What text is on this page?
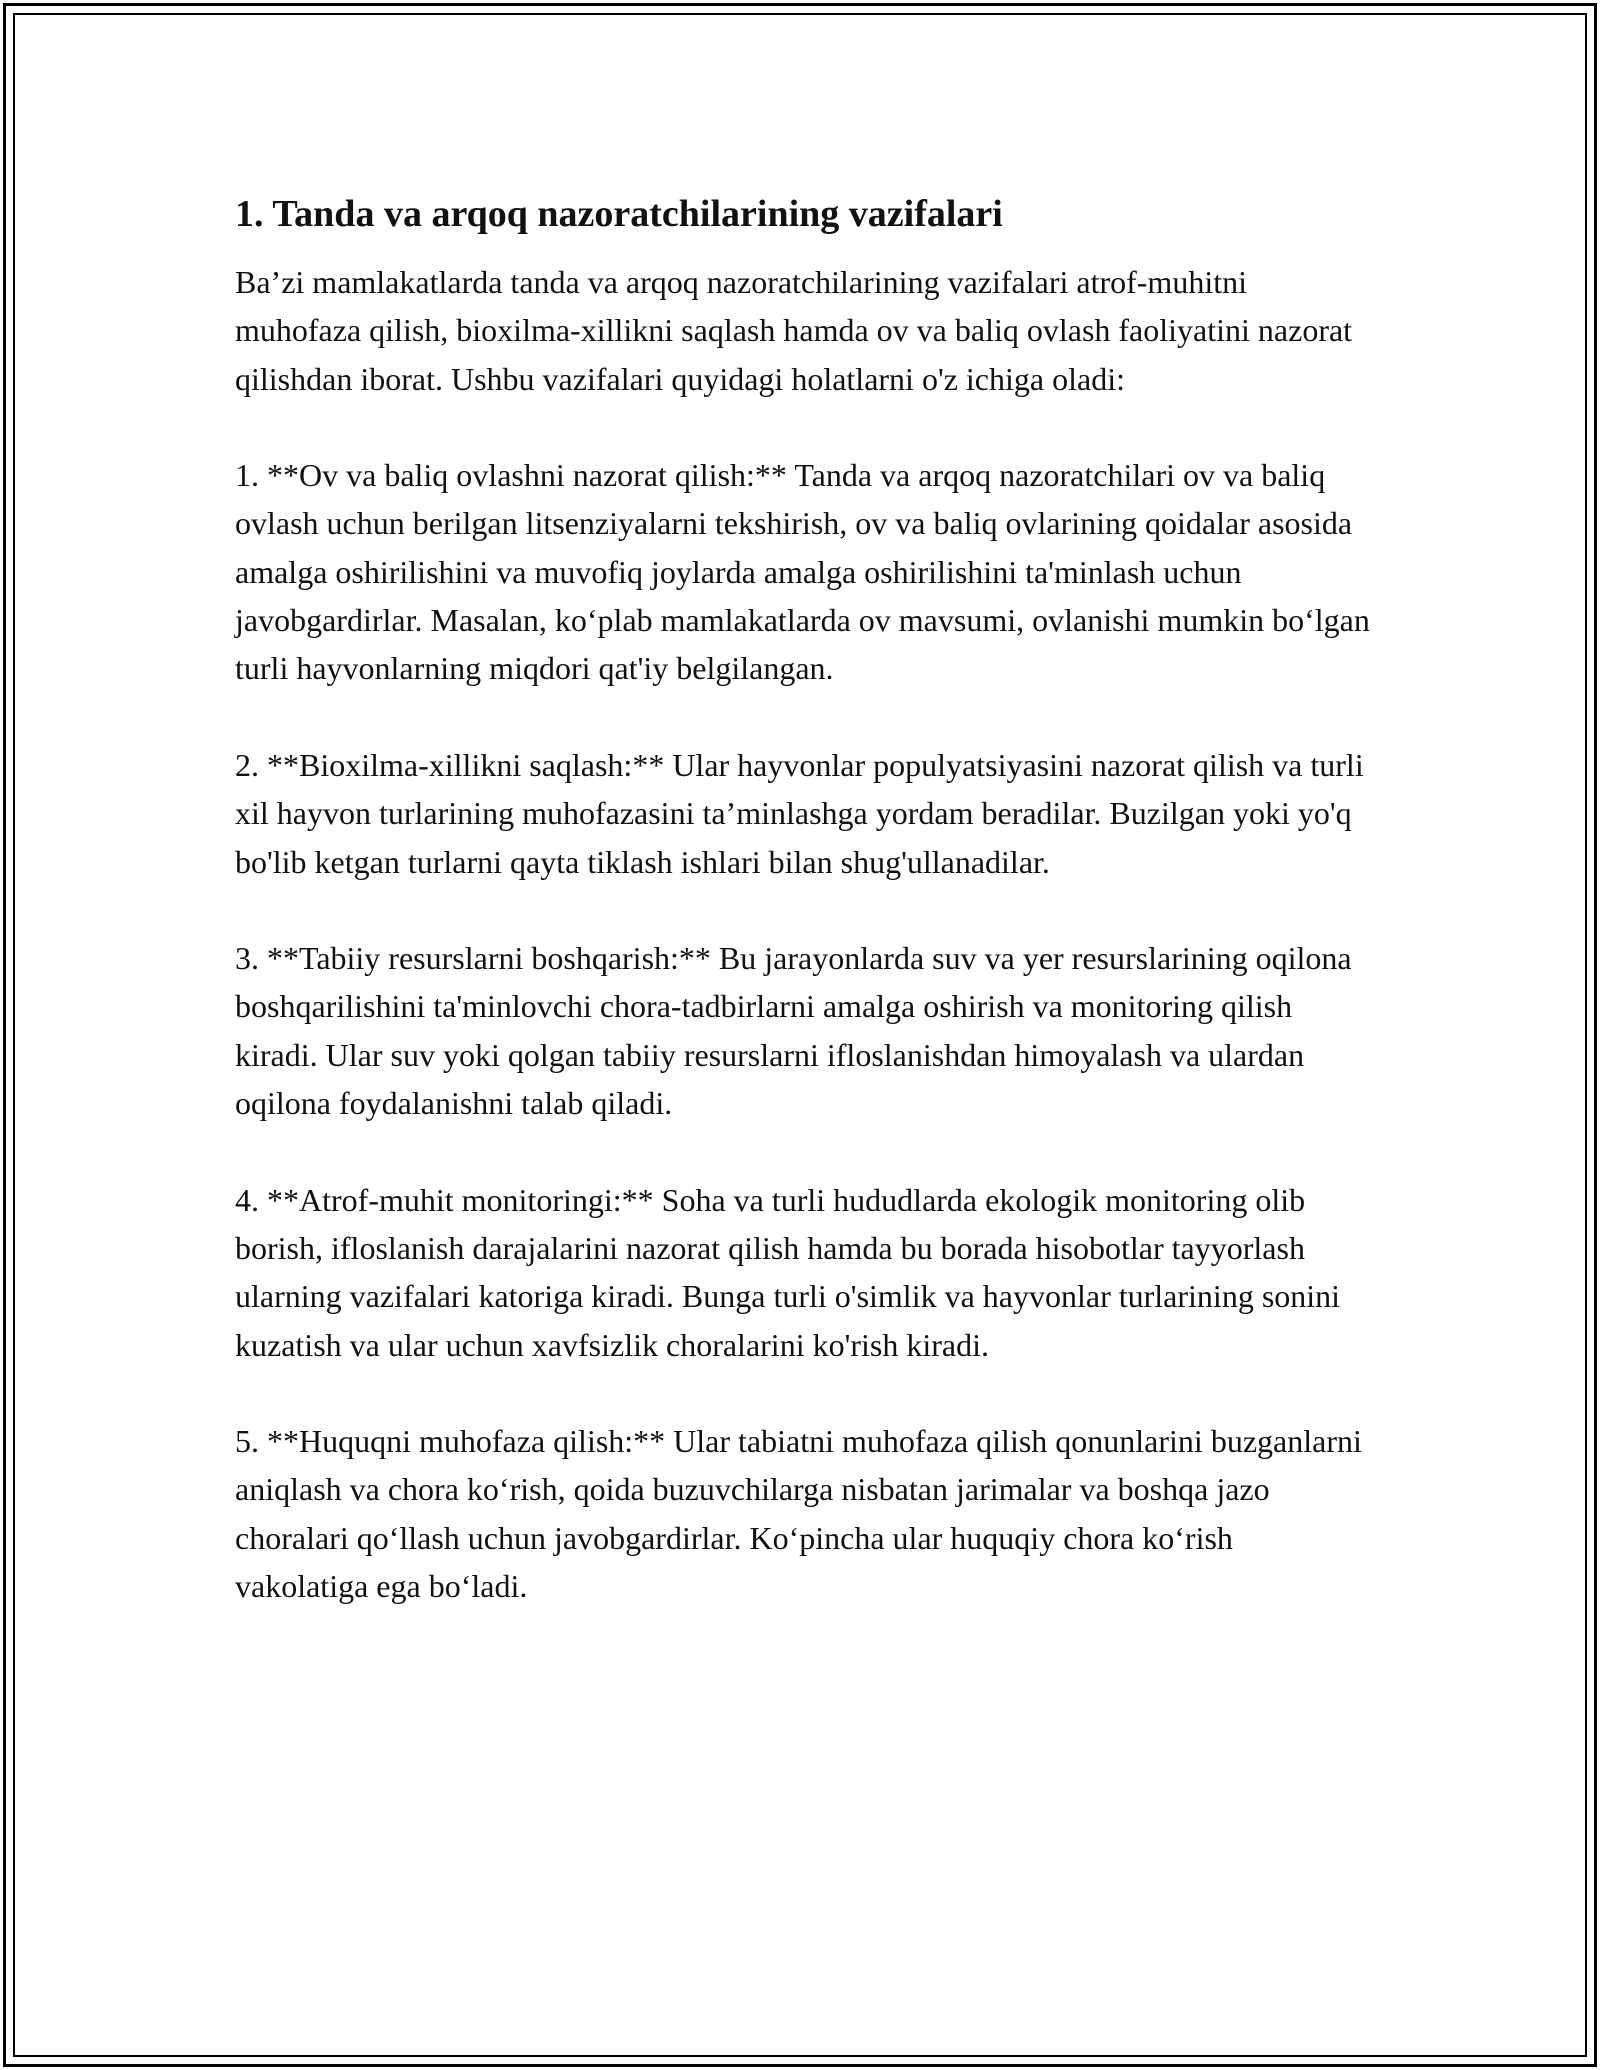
1. Tanda va arqoq nazoratchilarining vazifalari

Ba’zi mamlakatlarda tanda va arqoq nazoratchilarining vazifalari atrof-muhitni muhofaza qilish, bioxilma-xillikni saqlash hamda ov va baliq ovlash faoliyatini nazorat qilishdan iborat. Ushbu vazifalari quyidagi holatlarni o'z ichiga oladi:

1. **Ov va baliq ovlashni nazorat qilish:** Tanda va arqoq nazoratchilari ov va baliq ovlash uchun berilgan litsenziyalarni tekshirish, ov va baliq ovlarining qoidalar asosida amalga oshirilishini va muvofiq joylarda amalga oshirilishini ta'minlash uchun javobgardirlar. Masalan, ko‘plab mamlakatlarda ov mavsumi, ovlanishi mumkin bo‘lgan turli hayvonlarning miqdori qat'iy belgilangan.

2. **Bioxilma-xillikni saqlash:** Ular hayvonlar populyatsiyasini nazorat qilish va turli xil hayvon turlarining muhofazasini ta’minlashga yordam beradilar. Buzilgan yoki yo'q bo'lib ketgan turlarni qayta tiklash ishlari bilan shug'ullanadilar.

3. **Tabiiy resurslarni boshqarish:** Bu jarayonlarda suv va yer resurslarining oqilona boshqarilishini ta'minlovchi chora-tadbirlarni amalga oshirish va monitoring qilish kiradi. Ular suv yoki qolgan tabiiy resurslarni ifloslanishdan himoyalash va ulardan oqilona foydalanishni talab qiladi.

4. **Atrof-muhit monitoringi:** Soha va turli hududlarda ekologik monitoring olib borish, ifloslanish darajalarini nazorat qilish hamda bu borada hisobotlar tayyorlash ularning vazifalari katoriga kiradi. Bunga turli o'simlik va hayvonlar turlarining sonini kuzatish va ular uchun xavfsizlik choralarini ko'rish kiradi.

5. **Huquqni muhofaza qilish:** Ular tabiatni muhofaza qilish qonunlarini buzganlarni aniqlash va chora ko‘rish, qoida buzuvchilarga nisbatan jarimalar va boshqa jazo choralari qo‘llash uchun javobgardirlar. Ko‘pincha ular huquqiy chora ko‘rish vakolatiga ega bo‘ladi.
